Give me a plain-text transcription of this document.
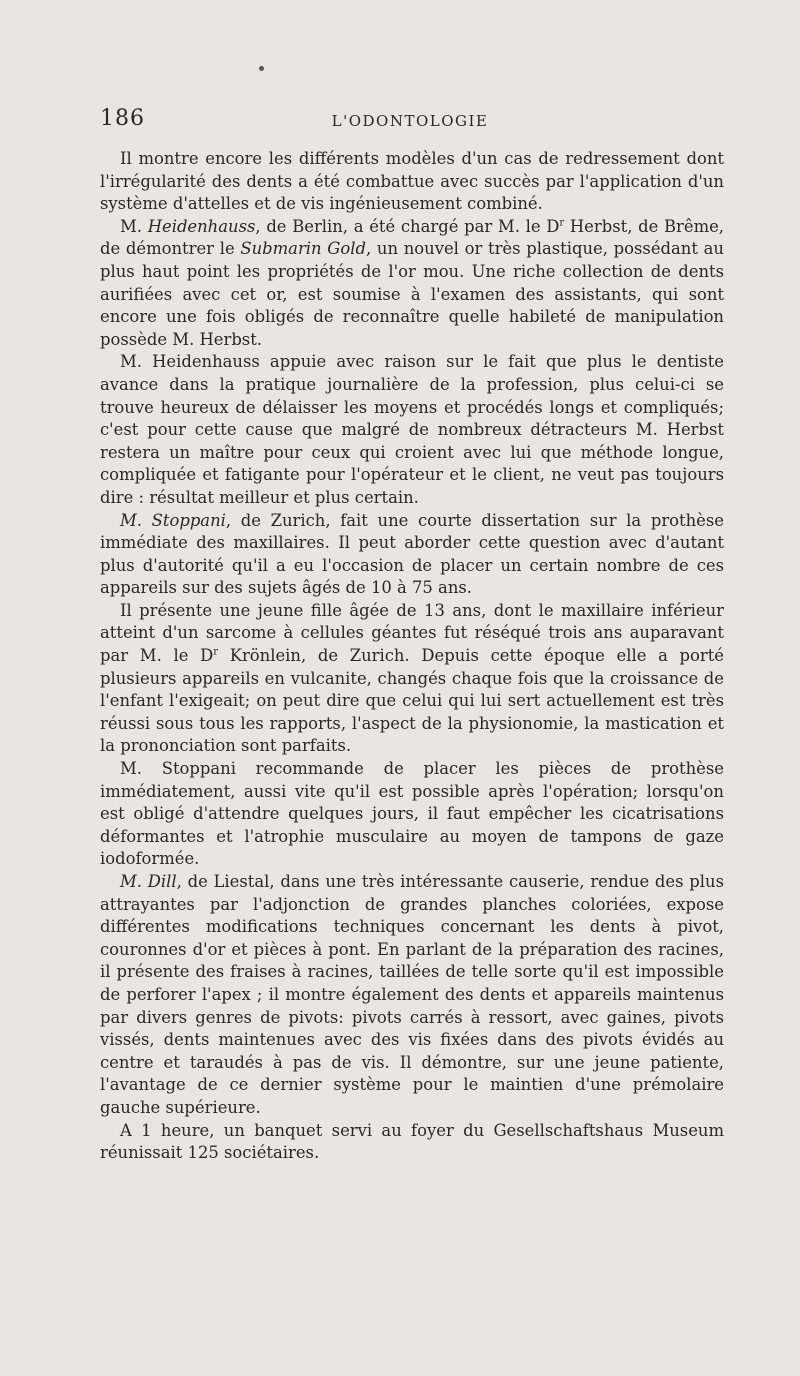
186	L'ODONTOLOGIE

Il montre encore les différents modèles d'un cas de redressement dont l'irrégularité des dents a été combattue avec succès par l'application d'un système d'attelles et de vis ingénieusement combiné.

M. Heidenhauss, de Berlin, a été chargé par M. le $D^r$ Herbst, de Brême, de démontrer le Submarin Gold, un nouvel or très plastique, possédant au plus haut point les propriétés de l'or mou. Une riche collection de dents aurifiées avec cet or, est soumise à l'examen des assistants, qui sont encore une fois obligés de reconnaître quelle habileté de manipulation possède M. Herbst.

M. Heidenhauss appuie avec raison sur le fait que plus le dentiste avance dans la pratique journalière de la profession, plus celui-ci se trouve heureux de délaisser les moyens et procédés longs et compliqués; c'est pour cette cause que malgré de nombreux détracteurs M. Herbst restera un maître pour ceux qui croient avec lui que méthode longue, compliquée et fatigante pour l'opérateur et le client, ne veut pas toujours dire : résultat meilleur et plus certain.

M. Stoppani, de Zurich, fait une courte dissertation sur la prothèse immédiate des maxillaires. Il peut aborder cette question avec d'autant plus d'autorité qu'il a eu l'occasion de placer un certain nombre de ces appareils sur des sujets âgés de 10 à 75 ans.

Il présente une jeune fille âgée de 13 ans, dont le maxillaire inférieur atteint d'un sarcome à cellules géantes fut réséqué trois ans auparavant par M. le $D^r$ Krönlein, de Zurich. Depuis cette époque elle a porté plusieurs appareils en vulcanite, changés chaque fois que la croissance de l'enfant l'exigeait; on peut dire que celui qui lui sert actuellement est très réussi sous tous les rapports, l'aspect de la physionomie, la mastication et la prononciation sont parfaits.

M. Stoppani recommande de placer les pièces de prothèse immédiatement, aussi vite qu'il est possible après l'opération; lorsqu'on est obligé d'attendre quelques jours, il faut empêcher les cicatrisations déformantes et l'atrophie musculaire au moyen de tampons de gaze iodoformée.

M. Dill, de Liestal, dans une très intéressante causerie, rendue des plus attrayantes par l'adjonction de grandes planches coloriées, expose différentes modifications techniques concernant les dents à pivot, couronnes d'or et pièces à pont. En parlant de la préparation des racines, il présente des fraises à racines, taillées de telle sorte qu'il est impossible de perforer l'apex ; il montre également des dents et appareils maintenus par divers genres de pivots: pivots carrés à ressort, avec gaines, pivots vissés, dents maintenues avec des vis fixées dans des pivots évidés au centre et taraudés à pas de vis. Il démontre, sur une jeune patiente, l'avantage de ce dernier système pour le maintien d'une prémolaire gauche supérieure.

A 1 heure, un banquet servi au foyer du Gesellschaftshaus Museum réunissait 125 sociétaires.
